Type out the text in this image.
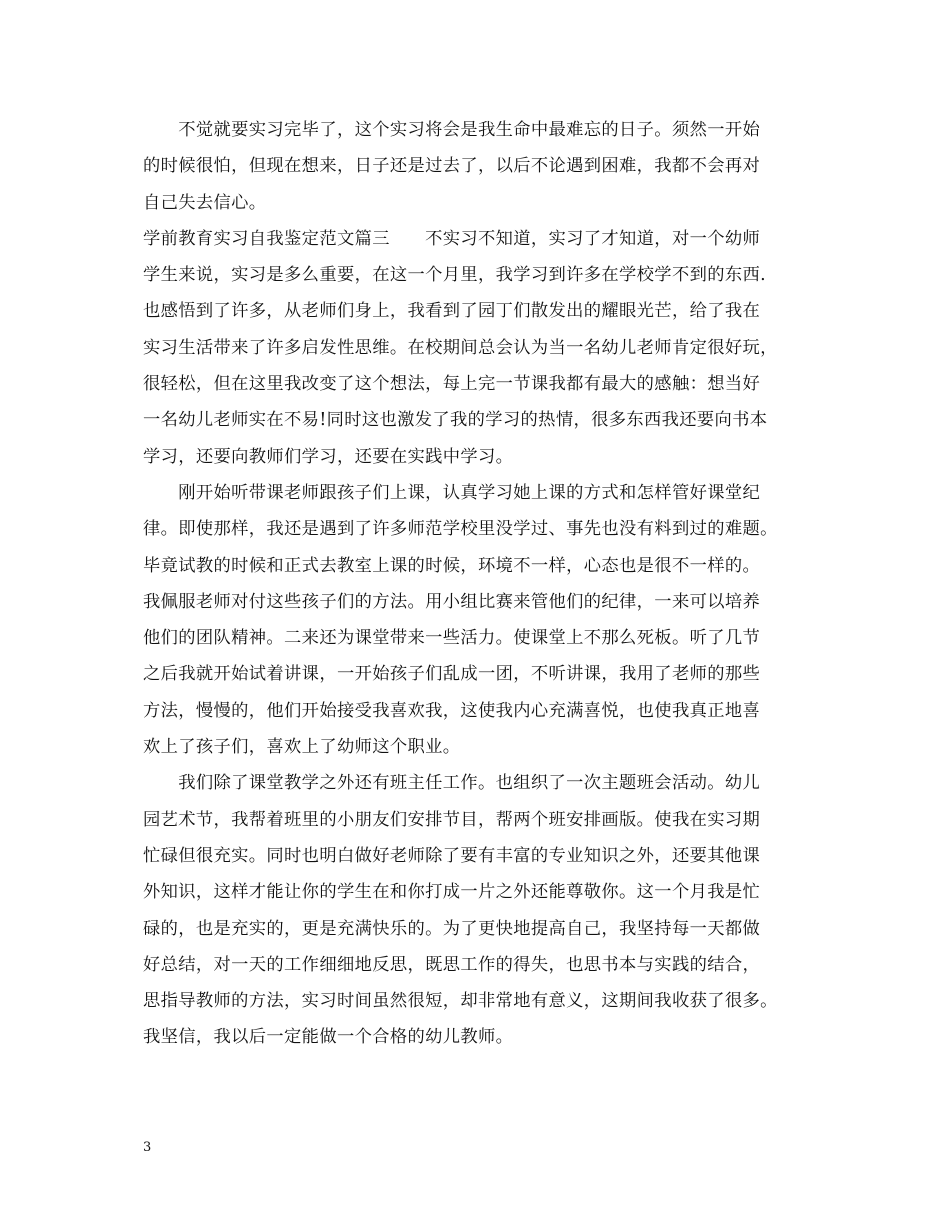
　　不觉就要实习完毕了，这个实习将会是我生命中最难忘的日子。须然一开始
的时候很怕，但现在想来，日子还是过去了，以后不论遇到困难，我都不会再对
自己失去信心。
学前教育实习自我鉴定范文篇三　　不实习不知道，实习了才知道，对一个幼师
学生来说，实习是多么重要，在这一个月里，我学习到许多在学校学不到的东西.
也感悟到了许多，从老师们身上，我看到了园丁们散发出的耀眼光芒，给了我在
实习生活带来了许多启发性思维。在校期间总会认为当一名幼儿老师肯定很好玩，
很轻松，但在这里我改变了这个想法，每上完一节课我都有最大的感触：想当好
一名幼儿老师实在不易!同时这也激发了我的学习的热情，很多东西我还要向书本
学习，还要向教师们学习，还要在实践中学习。
　　刚开始听带课老师跟孩子们上课，认真学习她上课的方式和怎样管好课堂纪
律。即使那样，我还是遇到了许多师范学校里没学过、事先也没有料到过的难题。
毕竟试教的时候和正式去教室上课的时候，环境不一样，心态也是很不一样的。
我佩服老师对付这些孩子们的方法。用小组比赛来管他们的纪律，一来可以培养
他们的团队精神。二来还为课堂带来一些活力。使课堂上不那么死板。听了几节
之后我就开始试着讲课，一开始孩子们乱成一团，不听讲课，我用了老师的那些
方法，慢慢的，他们开始接受我喜欢我，这使我内心充满喜悦，也使我真正地喜
欢上了孩子们，喜欢上了幼师这个职业。
　　我们除了课堂教学之外还有班主任工作。也组织了一次主题班会活动。幼儿
园艺术节，我帮着班里的小朋友们安排节目，帮两个班安排画版。使我在实习期
忙碌但很充实。同时也明白做好老师除了要有丰富的专业知识之外，还要其他课
外知识，这样才能让你的学生在和你打成一片之外还能尊敬你。这一个月我是忙
碌的，也是充实的，更是充满快乐的。为了更快地提高自己，我坚持每一天都做
好总结，对一天的工作细细地反思，既思工作的得失，也思书本与实践的结合，
思指导教师的方法，实习时间虽然很短，却非常地有意义，这期间我收获了很多。
我坚信，我以后一定能做一个合格的幼儿教师。
3
